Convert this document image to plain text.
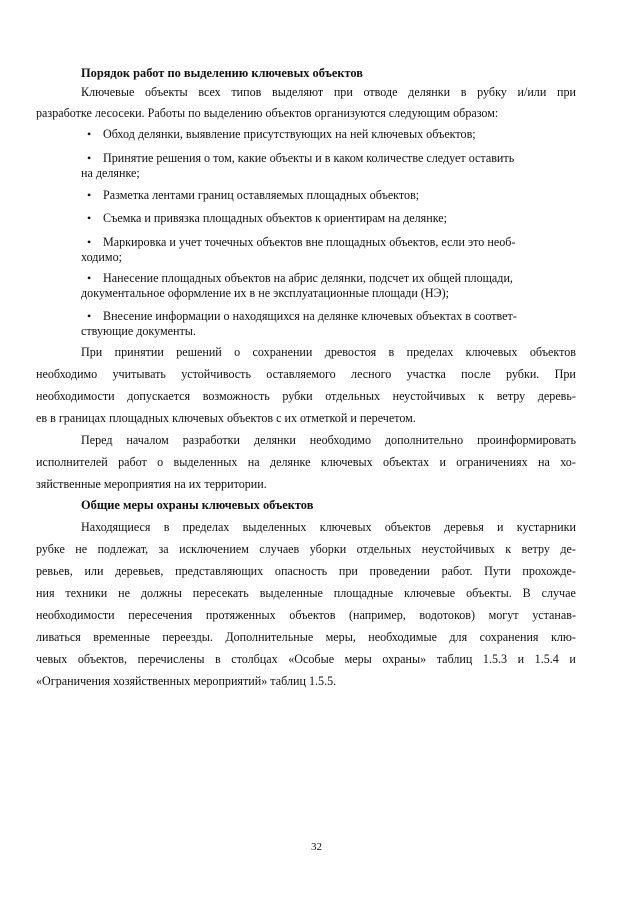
Порядок работ по выделению ключевых объектов
Ключевые объекты всех типов выделяют при отводе делянки в рубку и/или при
разработке лесосеки. Работы по выделению объектов организуются следующим образом:
• Обход делянки, выявление присутствующих на ней ключевых объектов;
• Принятие решения о том, какие объекты и в каком количестве следует оставить
на делянке;
• Разметка лентами границ оставляемых площадных объектов;
• Съемка и привязка площадных объектов к ориентирам на делянке;
• Маркировка и учет точечных объектов вне площадных объектов, если это необ-
ходимо;
• Нанесение площадных объектов на абрис делянки, подсчет их общей площади,
документальное оформление их в не эксплуатационные площади (НЭ);
• Внесение информации о находящихся на делянке ключевых объектах в соответ-
ствующие документы.
При принятии решений о сохранении древостоя в пределах ключевых объектов
необходимо учитывать устойчивость оставляемого лесного участка после рубки. При
необходимости допускается возможность рубки отдельных неустойчивых к ветру деревь-
ев в границах площадных ключевых объектов с их отметкой и перечетом.
Перед началом разработки делянки необходимо дополнительно проинформировать
исполнителей работ о выделенных на делянке ключевых объектах и ограничениях на хо-
зяйственные мероприятия на их территории.
Общие меры охраны ключевых объектов
Находящиеся в пределах выделенных ключевых объектов деревья и кустарники
рубке не подлежат, за исключением случаев уборки отдельных неустойчивых к ветру де-
ревьев, или деревьев, представляющих опасность при проведении работ. Пути прохожде-
ния техники не должны пересекать выделенные площадные ключевые объекты. В случае
необходимости пересечения протяженных объектов (например, водотоков) могут устанав-
ливаться временные переезды. Дополнительные меры, необходимые для сохранения клю-
чевых объектов, перечислены в столбцах «Особые меры охраны» таблиц 1.5.3 и 1.5.4 и
«Ограничения хозяйственных мероприятий» таблиц 1.5.5.
32
